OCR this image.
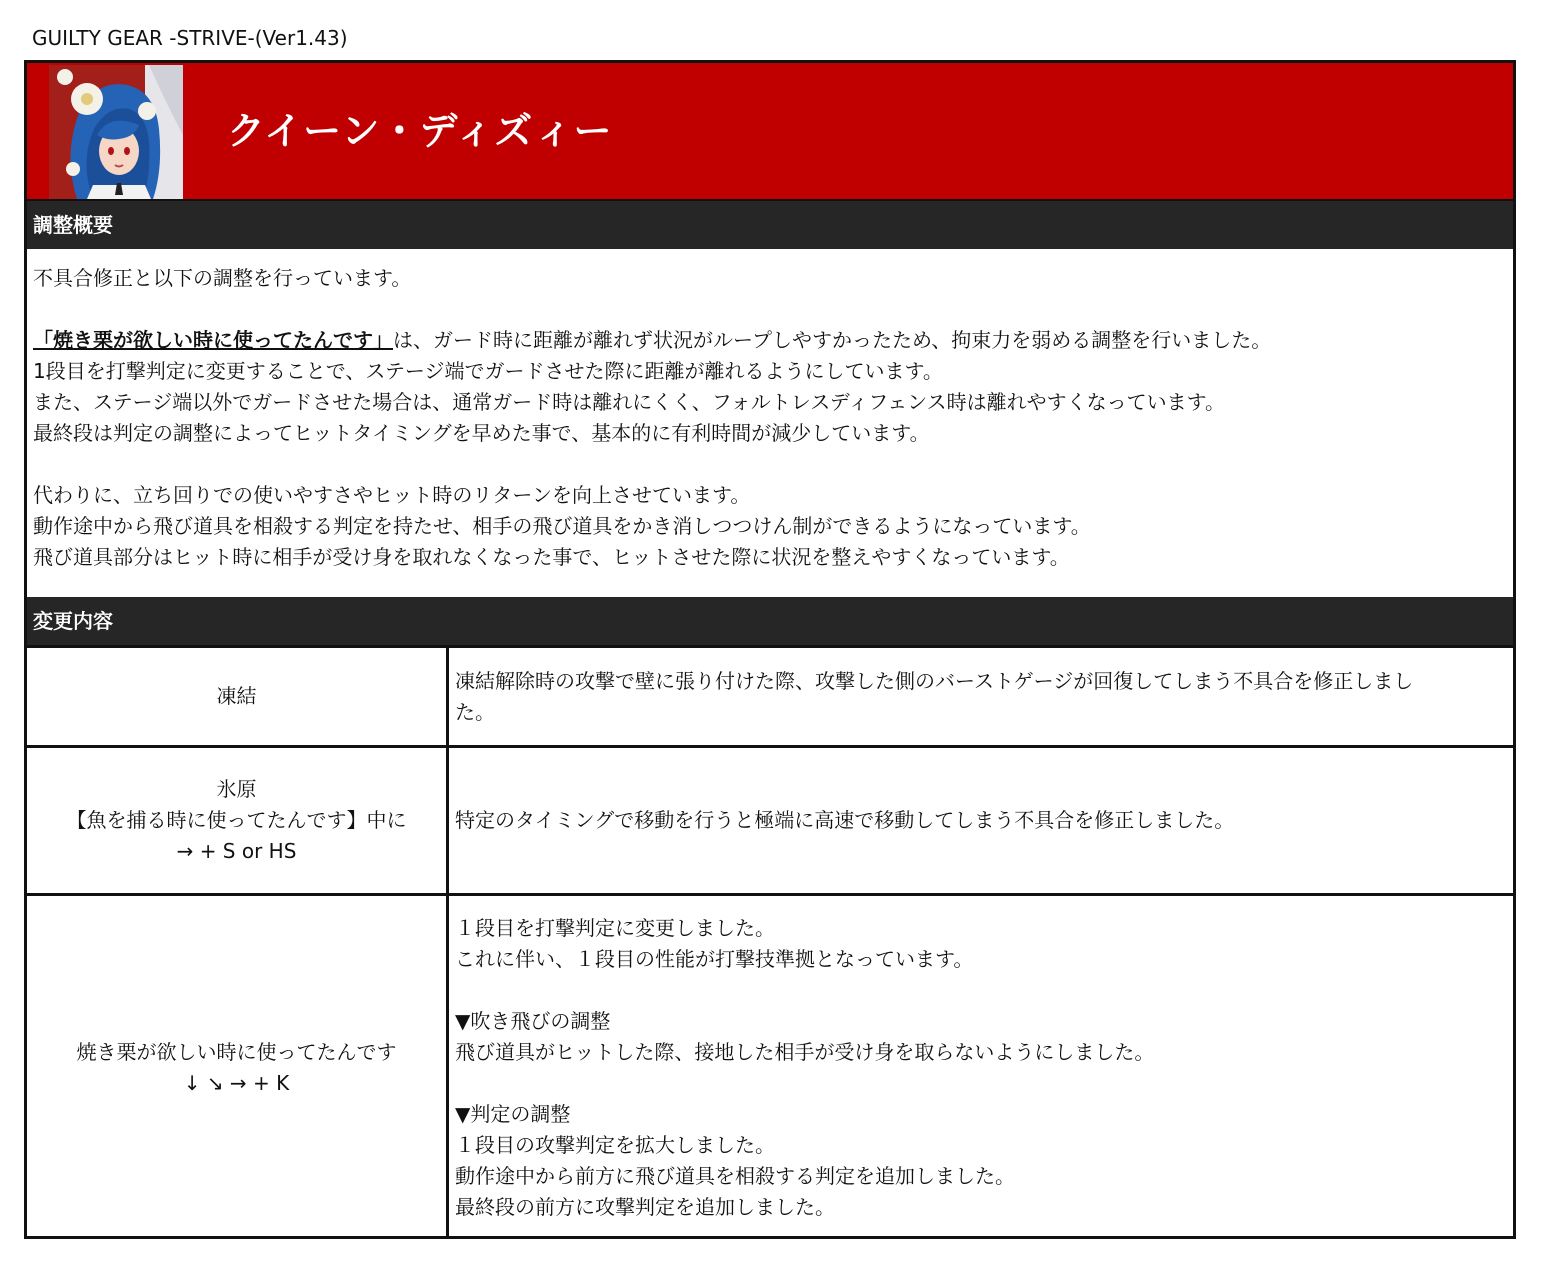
GUILTY GEAR -STRIVE-(Ver1.43)
クイーン・ディズィー
調整概要

不具合修正と以下の調整を行っています。

「焼き栗が欲しい時に使ってたんです」は、ガード時に距離が離れず状況がループしやすかったため、拘束力を弱める調整を行いました。

1段目を打撃判定に変更することで、ステージ端でガードさせた際に距離が離れるようにしています。

また、ステージ端以外でガードさせた場合は、通常ガード時は離れにくく、フォルトレスディフェンス時は離れやすくなっています。

最終段は判定の調整によってヒットタイミングを早めた事で、基本的に有利時間が減少しています。

代わりに、立ち回りでの使いやすさやヒット時のリターンを向上させています。

動作途中から飛び道具を相殺する判定を持たせ、相手の飛び道具をかき消しつつけん制ができるようになっています。

飛び道具部分はヒット時に相手が受け身を取れなくなった事で、ヒットさせた際に状況を整えやすくなっています。

変更内容
凍結

凍結解除時の攻撃で壁に張り付けた際、攻撃した側のバーストゲージが回復してしまう不具合を修正しまし

た。

氷原
【魚を捕る時に使ってたんです】中に
→ + S or HS

特定のタイミングで移動を行うと極端に高速で移動してしまう不具合を修正しました。

焼き栗が欲しい時に使ってたんです
↓ ↘ → + K

１段目を打撃判定に変更しました。

これに伴い、１段目の性能が打撃技準拠となっています。

▼吹き飛びの調整

飛び道具がヒットした際、接地した相手が受け身を取らないようにしました。

▼判定の調整

１段目の攻撃判定を拡大しました。

動作途中から前方に飛び道具を相殺する判定を追加しました。

最終段の前方に攻撃判定を追加しました。
